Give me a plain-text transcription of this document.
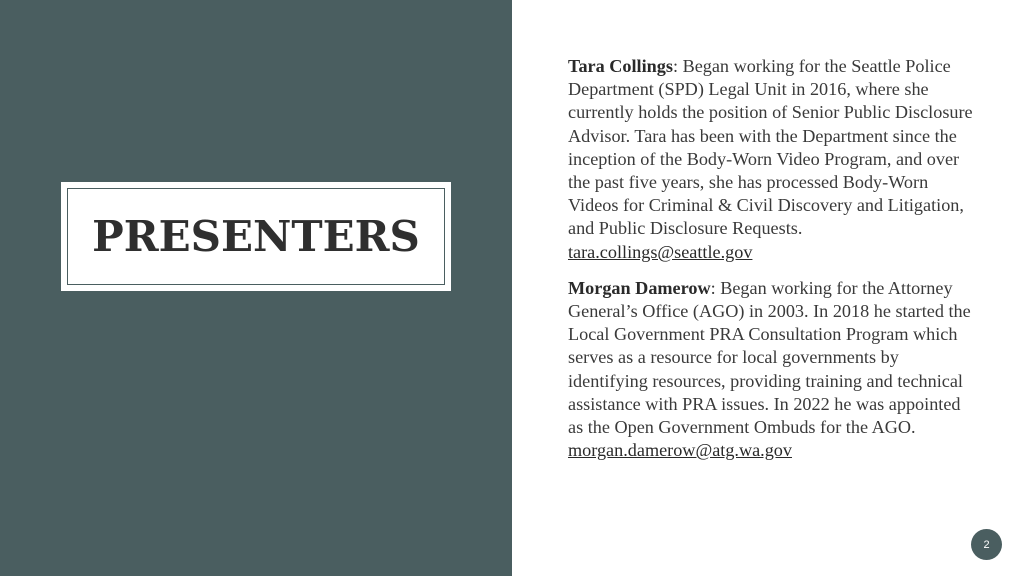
PRESENTERS

Tara Collings: Began working for the Seattle Police Department (SPD) Legal Unit in 2016, where she currently holds the position of Senior Public Disclosure Advisor. Tara has been with the Department since the inception of the Body-Worn Video Program, and over the past five years, she has processed Body-Worn Videos for Criminal & Civil Discovery and Litigation, and Public Disclosure Requests. tara.collings@seattle.gov

Morgan Damerow: Began working for the Attorney General’s Office (AGO) in 2003. In 2018 he started the Local Government PRA Consultation Program which serves as a resource for local governments by identifying resources, providing training and technical assistance with PRA issues. In 2022 he was appointed as the Open Government Ombuds for the AGO. morgan.damerow@atg.wa.gov

2
